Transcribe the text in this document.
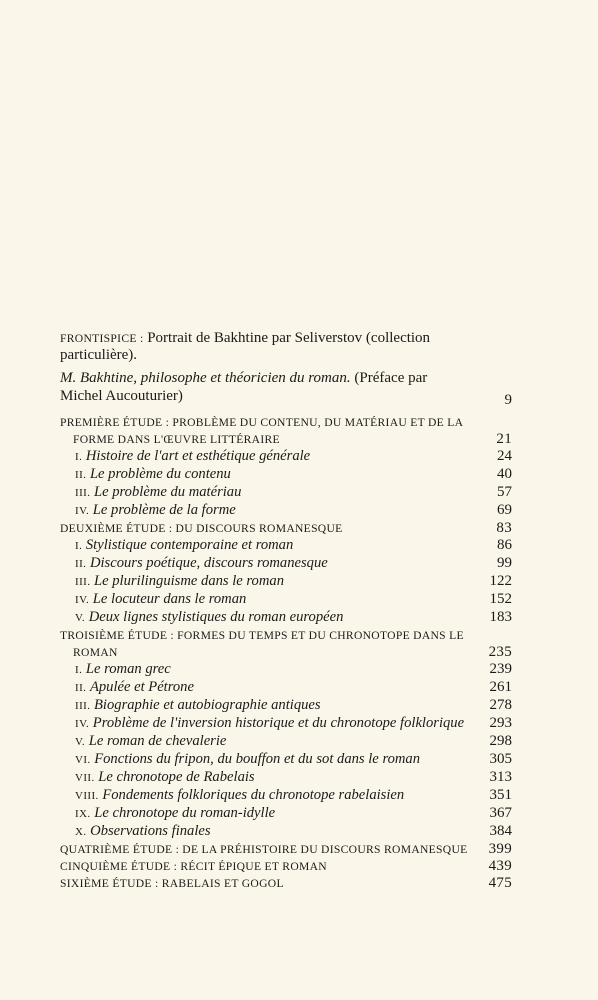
FRONTISPICE : Portrait de Bakhtine par Seliverstov (collection
particulière).
M. Bakhtine, philosophe et théoricien du roman. (Préface par
Michel Aucouturier)	9
PREMIÈRE ÉTUDE : PROBLÈME DU CONTENU, DU MATÉRIAU ET DE LA
FORME DANS L'ŒUVRE LITTÉRAIRE	21
I. Histoire de l'art et esthétique générale	24
II. Le problème du contenu	40
III. Le problème du matériau	57
IV. Le problème de la forme	69
DEUXIÈME ÉTUDE : DU DISCOURS ROMANESQUE	83
I. Stylistique contemporaine et roman	86
II. Discours poétique, discours romanesque	99
III. Le plurilinguisme dans le roman	122
IV. Le locuteur dans le roman	152
V. Deux lignes stylistiques du roman européen	183
TROISIÈME ÉTUDE : FORMES DU TEMPS ET DU CHRONOTOPE DANS LE
ROMAN	235
I. Le roman grec	239
II. Apulée et Pétrone	261
III. Biographie et autobiographie antiques	278
IV. Problème de l'inversion historique et du chronotope folklorique 293
V. Le roman de chevalerie	298
VI. Fonctions du fripon, du bouffon et du sot dans le roman	305
VII. Le chronotope de Rabelais	313
VIII. Fondements folkloriques du chronotope rabelaisien	351
IX. Le chronotope du roman-idylle	367
X. Observations finales	384
QUATRIÈME ÉTUDE : DE LA PRÉHISTOIRE DU DISCOURS ROMANESQUE 399
CINQUIÈME ÉTUDE : RÉCIT ÉPIQUE ET ROMAN	439
SIXIÈME ÉTUDE : RABELAIS ET GOGOL	475
